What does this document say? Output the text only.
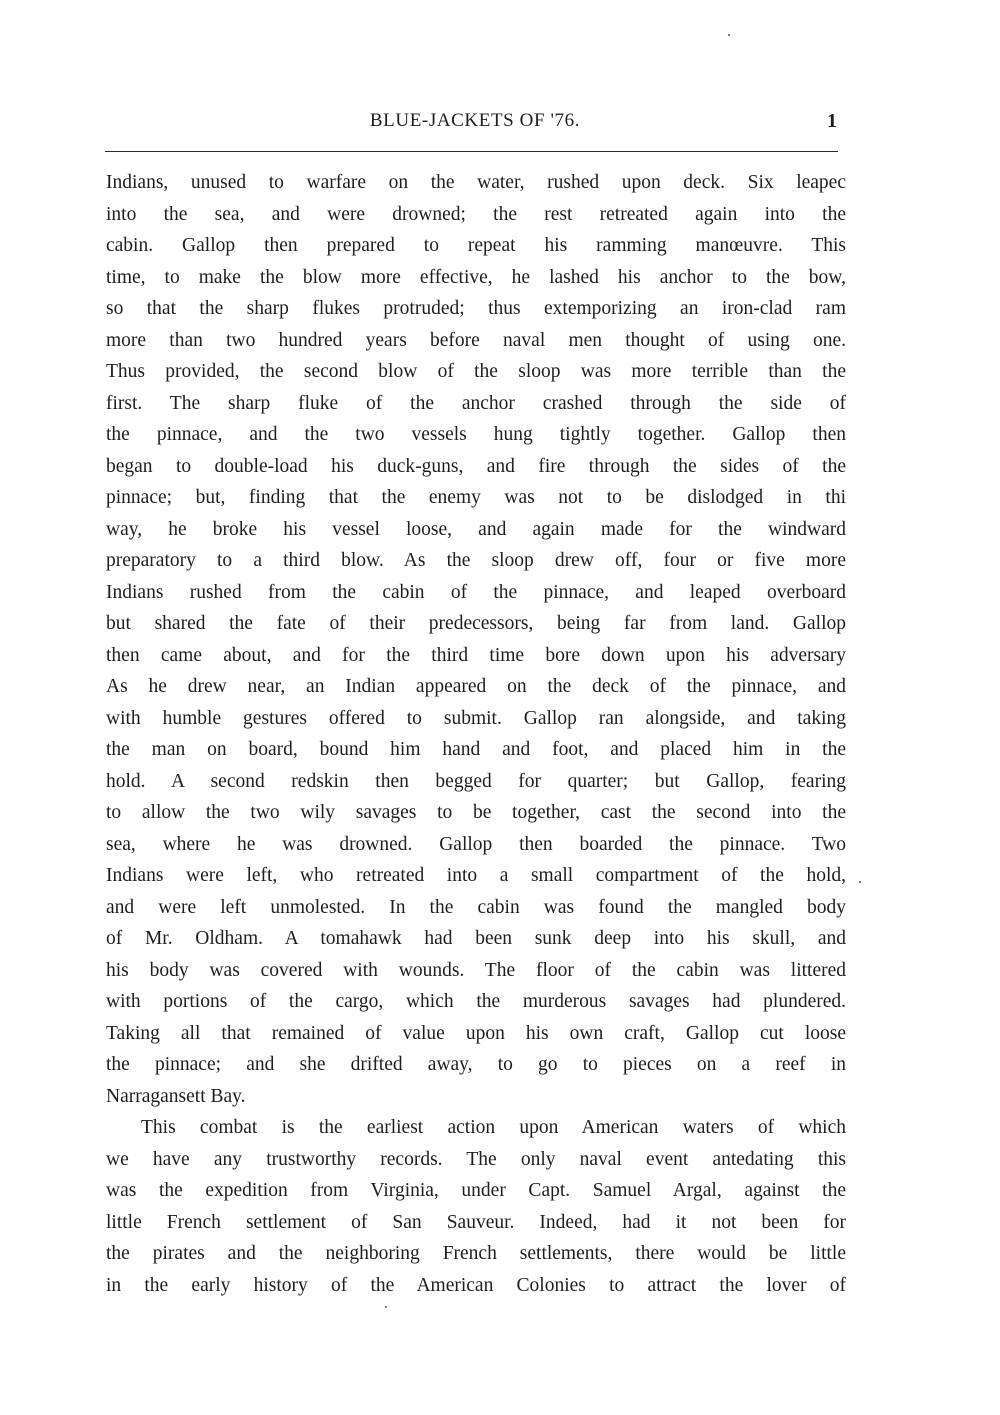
BLUE-JACKETS OF '76.	1
Indians, unused to warfare on the water, rushed upon deck. Six leapec
into the sea, and were drowned; the rest retreated again into the
cabin. Gallop then prepared to repeat his ramming manœuvre. This
time, to make the blow more effective, he lashed his anchor to the bow,
so that the sharp flukes protruded; thus extemporizing an iron-clad ram
more than two hundred years before naval men thought of using one.
Thus provided, the second blow of the sloop was more terrible than the
first. The sharp fluke of the anchor crashed through the side of
the pinnace, and the two vessels hung tightly together. Gallop then
began to double-load his duck-guns, and fire through the sides of the
pinnace; but, finding that the enemy was not to be dislodged in thi
way, he broke his vessel loose, and again made for the windward
preparatory to a third blow. As the sloop drew off, four or five more
Indians rushed from the cabin of the pinnace, and leaped overboard
but shared the fate of their predecessors, being far from land. Gallop
then came about, and for the third time bore down upon his adversary
As he drew near, an Indian appeared on the deck of the pinnace, and
with humble gestures offered to submit. Gallop ran alongside, and taking
the man on board, bound him hand and foot, and placed him in the
hold. A second redskin then begged for quarter; but Gallop, fearing
to allow the two wily savages to be together, cast the second into the
sea, where he was drowned. Gallop then boarded the pinnace. Two
Indians were left, who retreated into a small compartment of the hold,
and were left unmolested. In the cabin was found the mangled body
of Mr. Oldham. A tomahawk had been sunk deep into his skull, and
his body was covered with wounds. The floor of the cabin was littered
with portions of the cargo, which the murderous savages had plundered.
Taking all that remained of value upon his own craft, Gallop cut loose
the pinnace; and she drifted away, to go to pieces on a reef in
Narragansett Bay.
This combat is the earliest action upon American waters of which
we have any trustworthy records. The only naval event antedating this
was the expedition from Virginia, under Capt. Samuel Argal, against the
little French settlement of San Sauveur. Indeed, had it not been for
the pirates and the neighboring French settlements, there would be little
in the early history of the American Colonies to attract the lover of
